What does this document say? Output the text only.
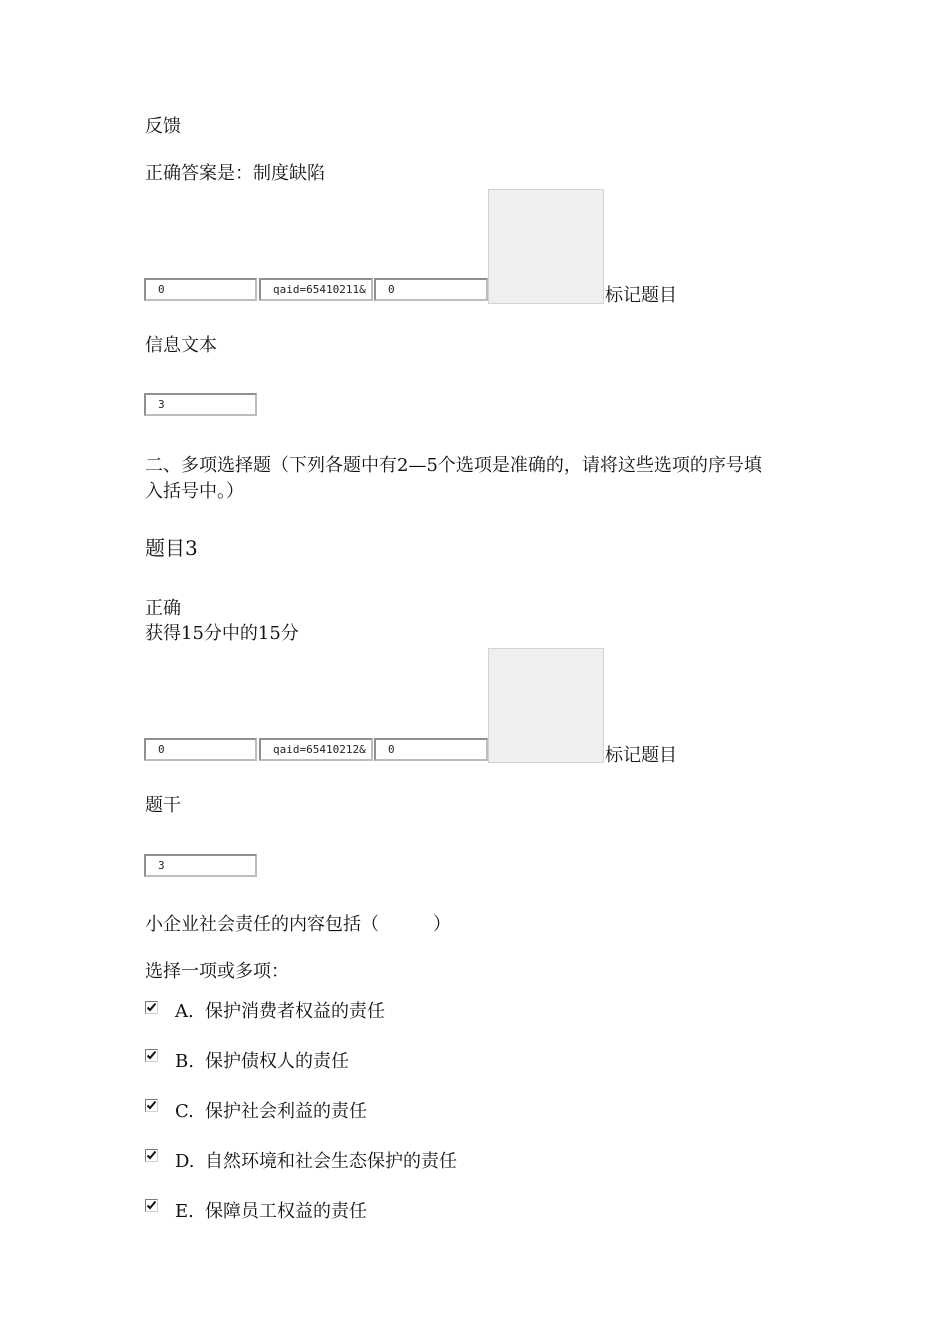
反馈
正确答案是：制度缺陷
0	qaid=65410211&	0	标记题目
信息文本
3
二、多项选择题（下列各题中有2—5个选项是准确的，请将这些选项的序号填
入括号中。）
题目3
正确
获得15分中的15分
0	qaid=65410212&	0	标记题目
题干
3
小企业社会责任的内容包括（　　　）
选择一项或多项：
A. 保护消费者权益的责任
B. 保护债权人的责任
C. 保护社会利益的责任
D. 自然环境和社会生态保护的责任
E. 保障员工权益的责任
